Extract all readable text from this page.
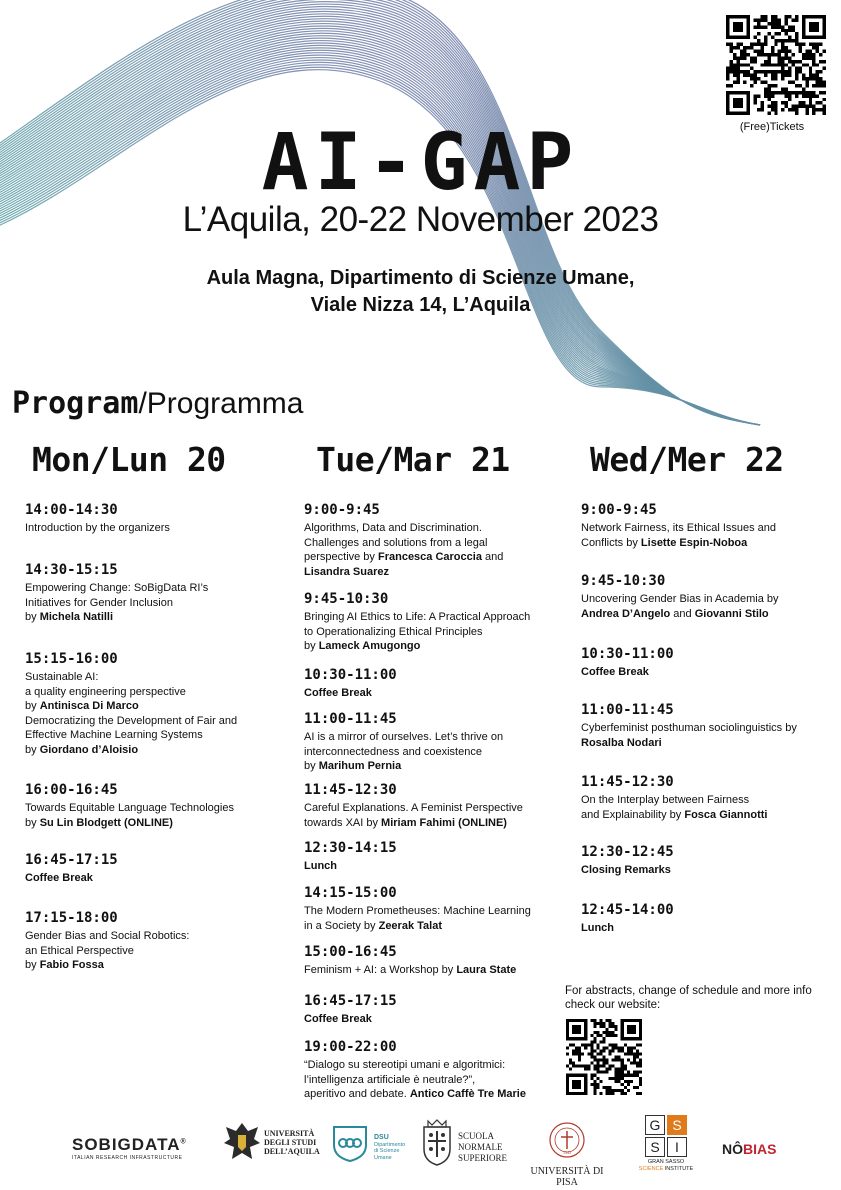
(Free)Tickets
AI-GAP
L’Aquila, 20-22 November 2023
Aula Magna, Dipartimento di Scienze Umane,
Viale Nizza 14, L’Aquila
Program/Programma
Mon/Lun 20	Tue/Mar 21 Wed/Mer 22
14:00-14:30
Introduction by the organizers
14:30-15:15
Empowering Change: SoBigData RI’s
Initiatives for Gender Inclusion
by Michela Natilli
15:15-16:00
Sustainable AI:
a quality engineering perspective
by Antinisca Di Marco
Democratizing the Development of Fair and
Effective Machine Learning Systems
by Giordano d’Aloisio
16:00-16:45
Towards Equitable Language Technologies
by Su Lin Blodgett (ONLINE)
16:45-17:15
Coffee Break
17:15-18:00
Gender Bias and Social Robotics:
an Ethical Perspective
by Fabio Fossa
9:00-9:45
Algorithms, Data and Discrimination.
Challenges and solutions from a legal
perspective by Francesca Caroccia and
Lisandra Suarez
9:45-10:30
Bringing AI Ethics to Life: A Practical Approach
to Operationalizing Ethical Principles
by Lameck Amugongo
10:30-11:00
Coffee Break
11:00-11:45
AI is a mirror of ourselves. Let’s thrive on
interconnectedness and coexistence
by Marihum Pernia
11:45-12:30
Careful Explanations. A Feminist Perspective
towards XAI by Miriam Fahimi (ONLINE)
12:30-14:15
Lunch
14:15-15:00
The Modern Prometheuses: Machine Learning
in a Society by Zeerak Talat
15:00-16:45
Feminism + AI: a Workshop by Laura State
16:45-17:15
Coffee Break
19:00-22:00
“Dialogo su stereotipi umani e algoritmici:
l’intelligenza artificiale è neutrale?”,
aperitivo and debate. Antico Caffè Tre Marie
9:00-9:45
Network Fairness, its Ethical Issues and
Conflicts by Lisette Espin-Noboa
9:45-10:30
Uncovering Gender Bias in Academia by
Andrea D’Angelo and Giovanni Stilo
10:30-11:00
Coffee Break
11:00-11:45
Cyberfeminist posthuman sociolinguistics by
Rosalba Nodari
11:45-12:30
On the Interplay between Fairness
and Explainability by Fosca Giannotti
12:30-12:45
Closing Remarks
12:45-14:00
Lunch
For abstracts, change of schedule and more info
check our website:
SOBIGDATA®
ITALIAN RESEARCH INFRASTRUCTURE
UNIVERSITÀ
DEGLI STUDI
DELL’AQUILA
DSU
Dipartimento
di Scienze
Umane
SCUOLA
NORMALE
SUPERIORE
1343
UNIVERSITÀ DI PISA
G S
S	I
GRAN SASSO
SCIENCE INSTITUTE
NÔBIAS
